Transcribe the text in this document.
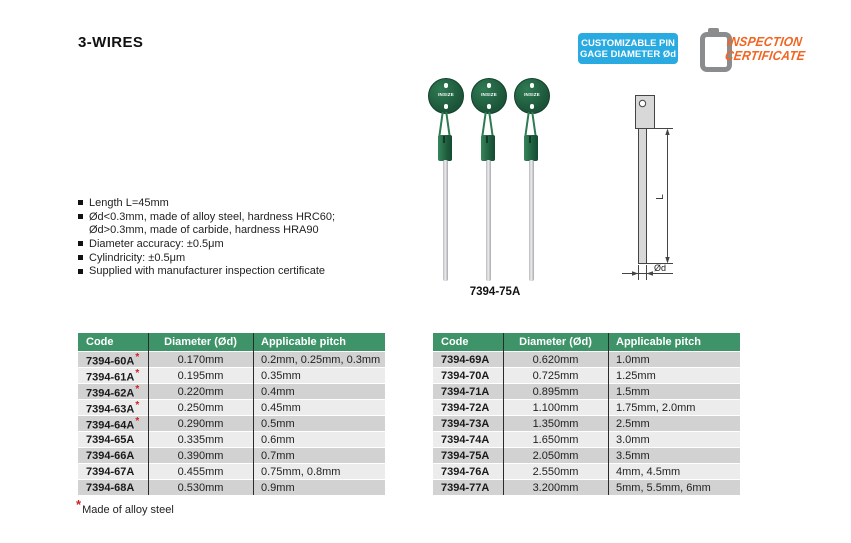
3-WIRES	CUSTOMIZABLE PIN
GAGE DIAMETER Ød
INSPECTION
CERTIFICATE
Length L=45mm
Ød<0.3mm, made of alloy steel, hardness HRC60;
Ød>0.3mm, made of carbide, hardness HRA90
Diameter accuracy: ±0.5μm
Cylindricity: ±0.5μm
Supplied with manufacturer inspection certificate
INSIZE	INSIZE	INSIZE
7394-75A
L
Ød
Code	Diameter (Ød)	Applicable pitch
7394-60A*	0.170mm	0.2mm, 0.25mm, 0.3mm
7394-61A*	0.195mm	0.35mm
7394-62A*	0.220mm	0.4mm
7394-63A*	0.250mm	0.45mm
7394-64A*	0.290mm	0.5mm
7394-65A	0.335mm	0.6mm
7394-66A	0.390mm	0.7mm
7394-67A	0.455mm	0.75mm, 0.8mm
7394-68A	0.530mm	0.9mm
Code	Diameter (Ød)	Applicable pitch
7394-69A	0.620mm	1.0mm
7394-70A	0.725mm	1.25mm
7394-71A	0.895mm	1.5mm
7394-72A	1.100mm	1.75mm, 2.0mm
7394-73A	1.350mm	2.5mm
7394-74A	1.650mm	3.0mm
7394-75A	2.050mm	3.5mm
7394-76A	2.550mm	4mm, 4.5mm
7394-77A	3.200mm	5mm, 5.5mm, 6mm
*Made of alloy steel
